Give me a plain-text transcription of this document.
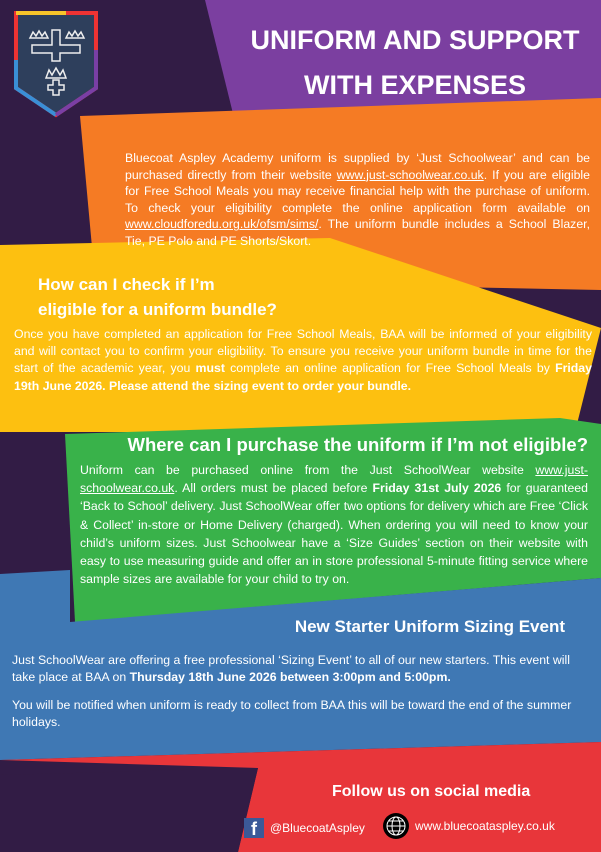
UNIFORM AND SUPPORT
WITH EXPENSES

Bluecoat Aspley Academy uniform is supplied by ‘Just Schoolwear’ and can be purchased directly from their website www.just-schoolwear.co.uk. If you are eligible for Free School Meals you may receive financial help with the purchase of uniform. To check your eligibility complete the online application form available on www.cloudforedu.org.uk/ofsm/sims/. The uniform bundle includes a School Blazer, Tie, PE Polo and PE Shorts/Skort.

How can I check if I’m
eligible for a uniform bundle?

Once you have completed an application for Free School Meals, BAA will be informed of your eligibility and will contact you to confirm your eligibility. To ensure you receive your uniform bundle in time for the start of the academic year, you must complete an online application for Free School Meals by Friday 19th June 2026. Please attend the sizing event to order your bundle.

Where can I purchase the uniform if I’m not eligible?

Uniform can be purchased online from the Just SchoolWear website www.just-schoolwear.co.uk. All orders must be placed before Friday 31st July 2026 for guaranteed ‘Back to School’ delivery. Just SchoolWear offer two options for delivery which are Free ‘Click & Collect’ in-store or Home Delivery (charged). When ordering you will need to know your child’s uniform sizes. Just Schoolwear have a ‘Size Guides’ section on their website with easy to use measuring guide and offer an in store professional 5-minute fitting service where sample sizes are available for your child to try on.

New Starter Uniform Sizing Event

Just SchoolWear are offering a free professional ‘Sizing Event’ to all of our new starters. This event will take place at BAA on Thursday 18th June 2026 between 3:00pm and 5:00pm.

You will be notified when uniform is ready to collect from BAA this will be toward the end of the summer holidays.

Follow us on social media
f	@BluecoatAspley	www.bluecoataspley.co.uk
